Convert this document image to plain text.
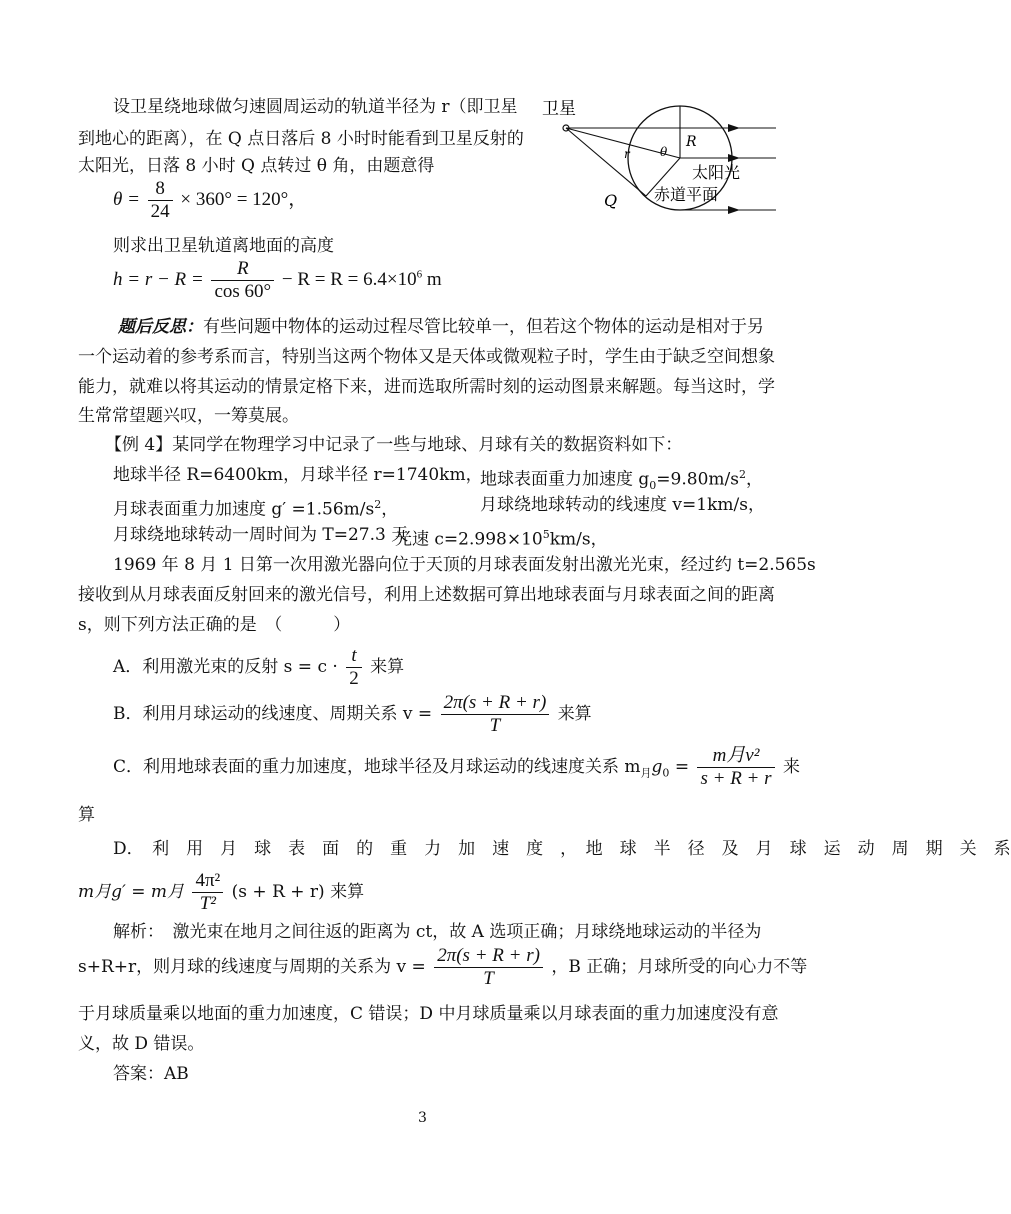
卫星
r	θ
R
Q
太阳光
赤道平面
设卫星绕地球做匀速圆周运动的轨道半径为 r（即卫星
到地心的距离），在 Q 点日落后 8 小时时能看到卫星反射的
太阳光，日落 8 小时 Q 点转过 θ 角，由题意得
$\theta = \frac{8}{24} \times 360^\circ = 120^\circ$，
则求出卫星轨道离地面的高度
$h = r - R = \frac{R}{\cos 60^\circ} - R = R = 6.4\times 10^6$ m
题后反思：有些问题中物体的运动过程尽管比较单一，但若这个物体的运动是相对于另
一个运动着的参考系而言，特别当这两个物体又是天体或微观粒子时，学生由于缺乏空间想象
能力，就难以将其运动的情景定格下来，进而选取所需时刻的运动图景来解题。每当这时，学
生常常望题兴叹，一筹莫展。
【例 4】某同学在物理学习中记录了一些与地球、月球有关的数据资料如下：
地球半径 R=6400km，月球半径 r=1740km，
地球表面重力加速度 $g_0=9.80m/s^2$，
月球表面重力加速度 $g' =1.56m/s^2$，	月球绕地球转动的线速度 v=1km/s，
月球绕地球转动一周时间为 T=27.3 天
光速 $c=2.998\times 10^5km/s$，
1969 年 8 月 1 日第一次用激光器向位于天顶的月球表面发射出激光光束，经过约 t=2.565s
接收到从月球表面反射回来的激光信号，利用上述数据可算出地球表面与月球表面之间的距离
s，则下列方法正确的是　（　　　）
A．利用激光束的反射 $s = c \cdot \frac{t}{2}$ 来算
B．利用月球运动的线速度、周期关系 $v = \frac{2\pi(s + R + r)}{T}$ 来算
C．利用地球表面的重力加速度，地球半径及月球运动的线速度关系 $m_月g_0 = \frac{\text{m月v²}}{s + R + r}$ 来
算
D．　利　用　月　球　表　面　的　重　力　加　速　度　，　地　球　半　径　及　月　球　运　动　周　期　关　系
m月g′ = m月 $\frac{\text{4π²}}{\text{T²}} (s + R + r)$ 来算
解析：　激光束在地月之间往返的距离为 ct，故 A 选项正确；月球绕地球运动的半径为
s+R+r，则月球的线速度与周期的关系为 $v = \frac{2\pi(s + R + r)}{T}$ ，B 正确；月球所受的向心力不等
于月球质量乘以地面的重力加速度，C 错误；D 中月球质量乘以月球表面的重力加速度没有意
义，故 D 错误。
答案：AB
3
